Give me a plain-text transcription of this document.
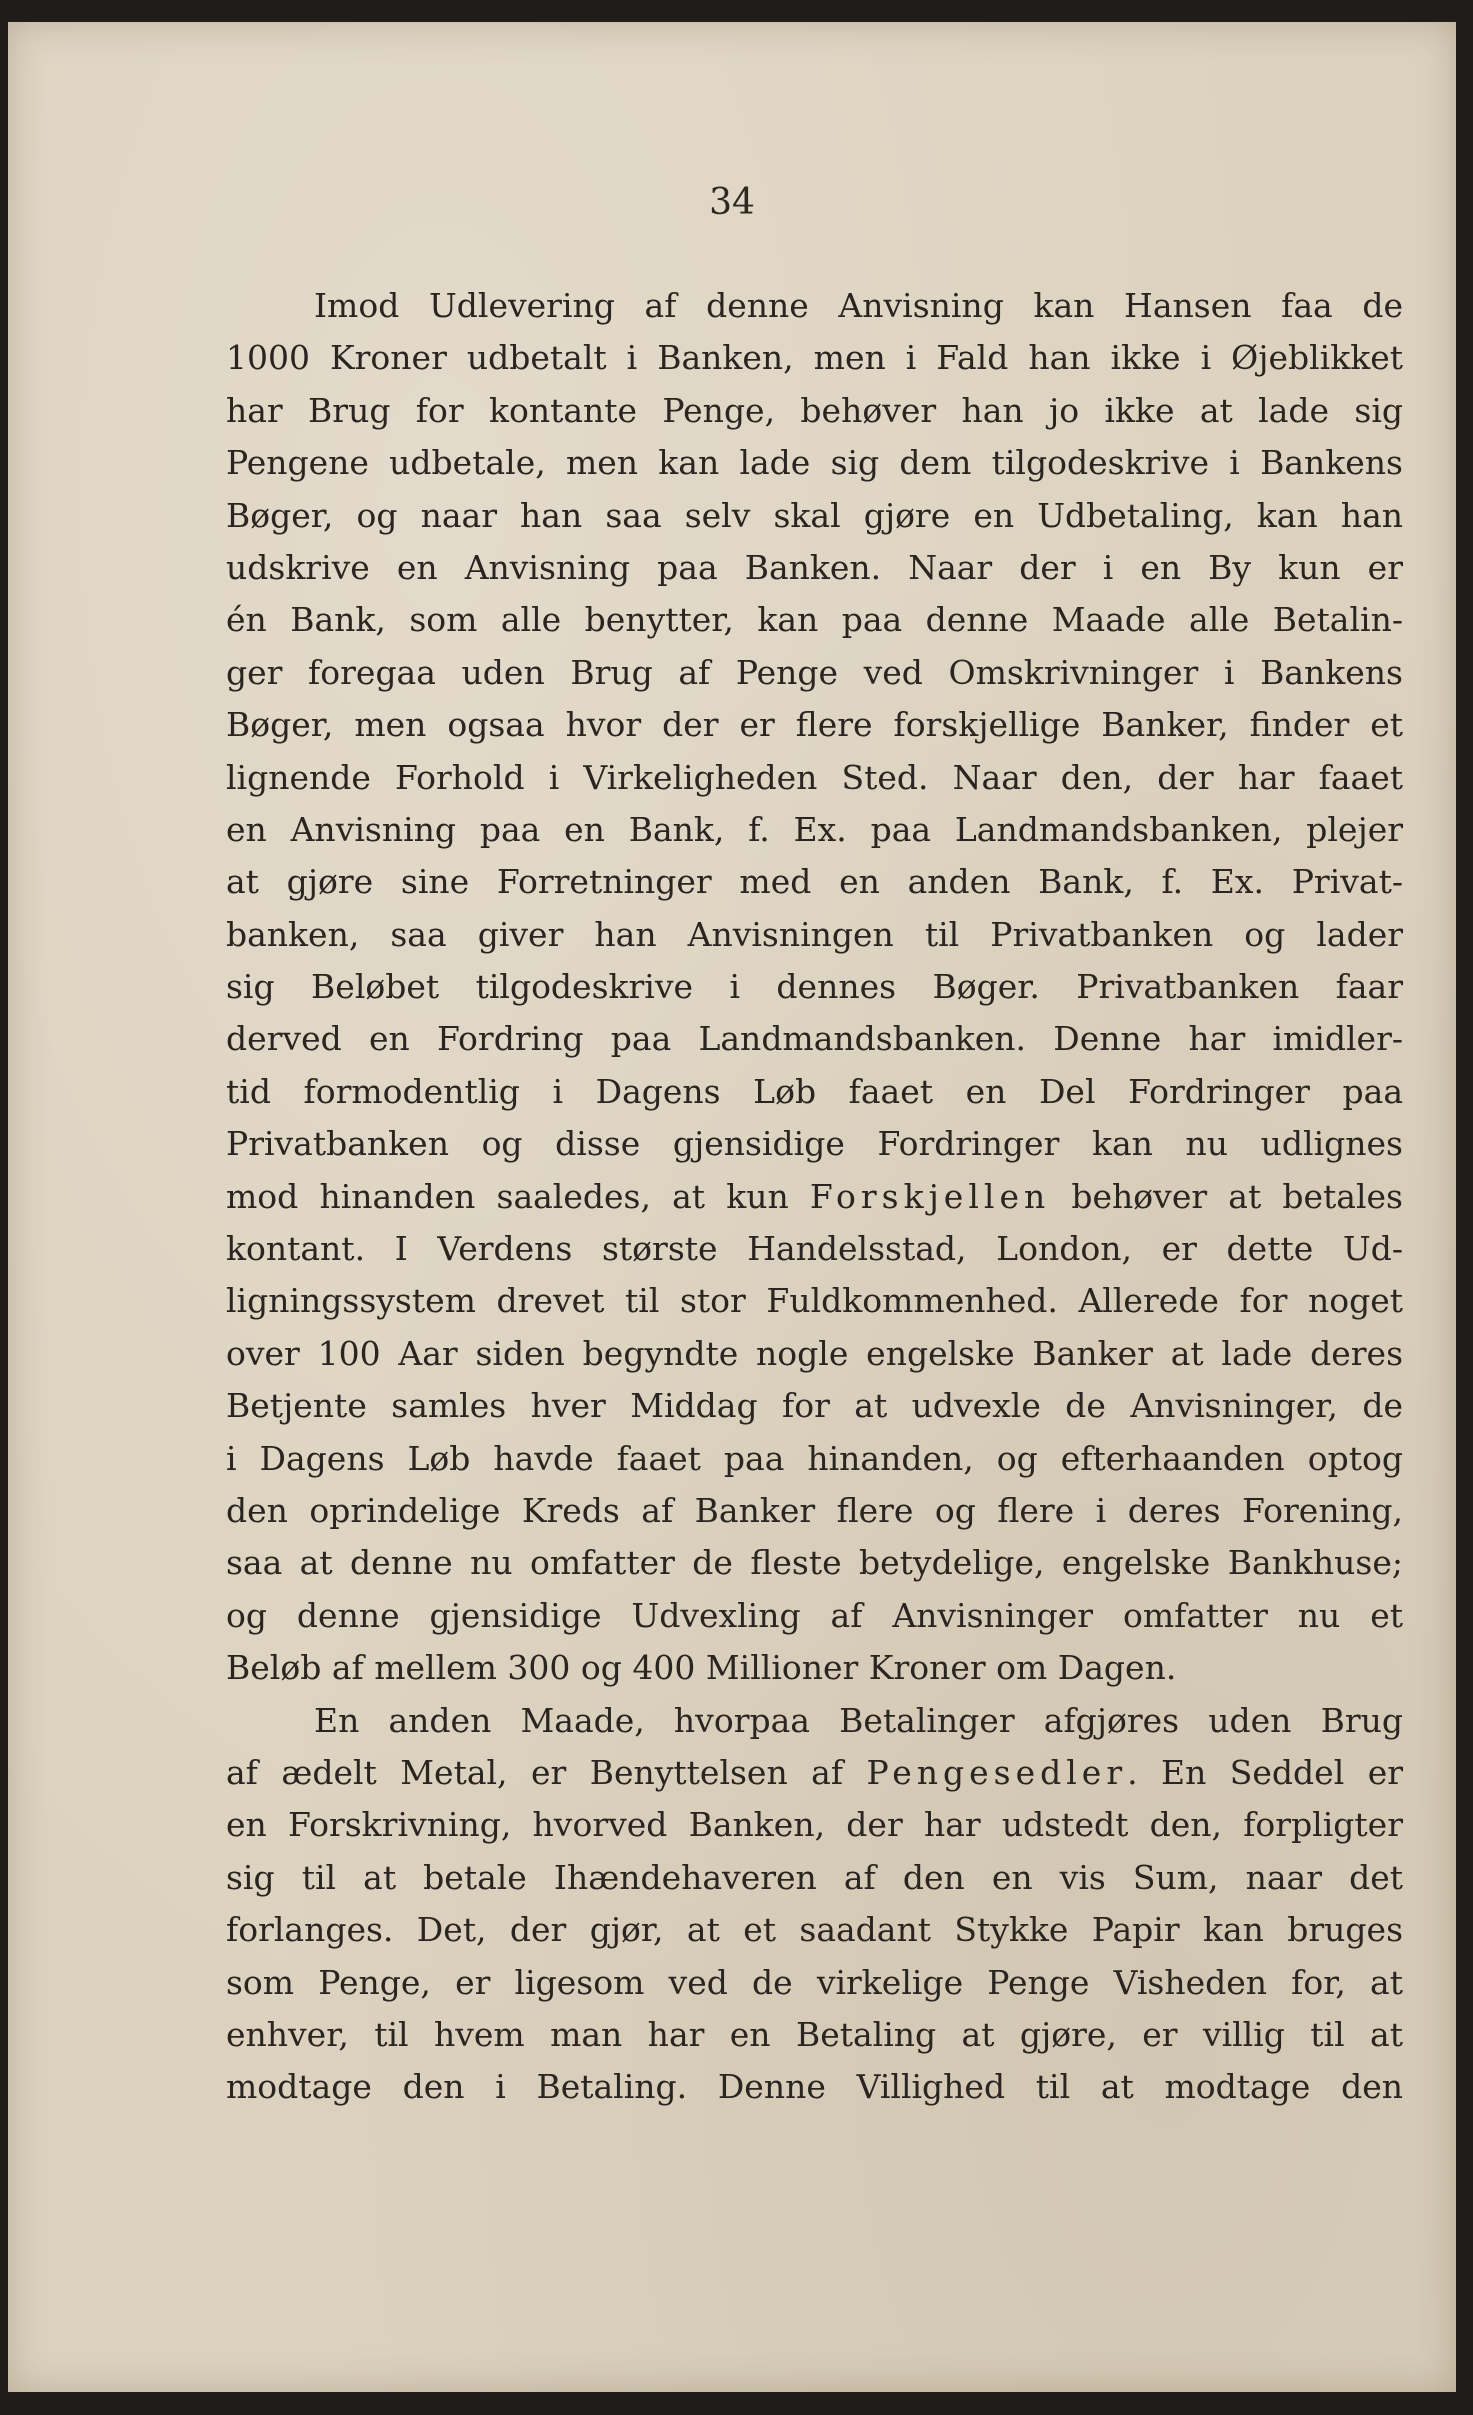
34

Imod Udlevering af denne Anvisning kan Hansen faa de
1000 Kroner udbetalt i Banken, men i Fald han ikke i Øjeblikket
har Brug for kontante Penge, behøver han jo ikke at lade sig
Pengene udbetale, men kan lade sig dem tilgodeskrive i Bankens
Bøger, og naar han saa selv skal gjøre en Udbetaling, kan han
udskrive en Anvisning paa Banken. Naar der i en By kun er
én Bank, som alle benytter, kan paa denne Maade alle Betalin-
ger foregaa uden Brug af Penge ved Omskrivninger i Bankens
Bøger, men ogsaa hvor der er flere forskjellige Banker, finder et
lignende Forhold i Virkeligheden Sted. Naar den, der har faaet
en Anvisning paa en Bank, f. Ex. paa Landmandsbanken, plejer
at gjøre sine Forretninger med en anden Bank, f. Ex. Privat-
banken, saa giver han Anvisningen til Privatbanken og lader
sig Beløbet tilgodeskrive i dennes Bøger. Privatbanken faar
derved en Fordring paa Landmandsbanken. Denne har imidler-
tid formodentlig i Dagens Løb faaet en Del Fordringer paa
Privatbanken og disse gjensidige Fordringer kan nu udlignes
mod hinanden saaledes, at kun Forskjellen behøver at betales
kontant. I Verdens største Handelsstad, London, er dette Ud-
ligningssystem drevet til stor Fuldkommenhed. Allerede for noget
over 100 Aar siden begyndte nogle engelske Banker at lade deres
Betjente samles hver Middag for at udvexle de Anvisninger, de
i Dagens Løb havde faaet paa hinanden, og efterhaanden optog
den oprindelige Kreds af Banker flere og flere i deres Forening,
saa at denne nu omfatter de fleste betydelige, engelske Bankhuse;
og denne gjensidige Udvexling af Anvisninger omfatter nu et
Beløb af mellem 300 og 400 Millioner Kroner om Dagen.

En anden Maade, hvorpaa Betalinger afgjøres uden Brug
af ædelt Metal, er Benyttelsen af Pengesedler. En Seddel er
en Forskrivning, hvorved Banken, der har udstedt den, forpligter
sig til at betale Ihændehaveren af den en vis Sum, naar det
forlanges. Det, der gjør, at et saadant Stykke Papir kan bruges
som Penge, er ligesom ved de virkelige Penge Visheden for, at
enhver, til hvem man har en Betaling at gjøre, er villig til at
modtage den i Betaling. Denne Villighed til at modtage den
